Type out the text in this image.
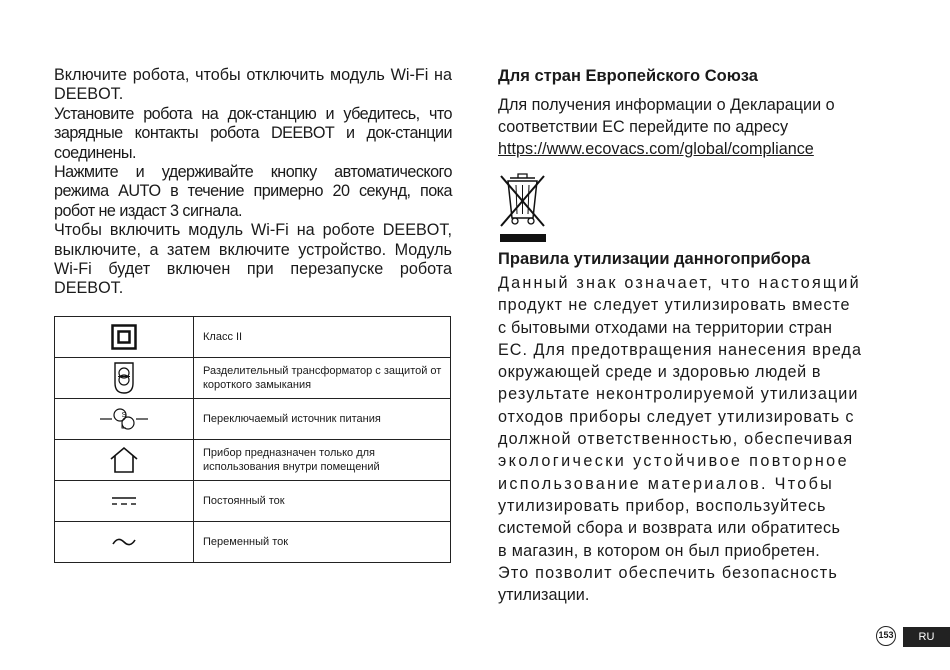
Включите робота, чтобы отключить модуль Wi-Fi на DEEBOT.

Установите робота на док-станцию и убедитесь, что зарядные контакты робота DEEBOT и док-станции соединены.

Нажмите и удерживайте кнопку автоматического режима AUTO в течение примерно 20 секунд, пока робот не издаст 3 сигнала.

Чтобы включить модуль Wi-Fi на роботе DEEBOT, выключите, а затем включите устройство. Модуль Wi-Fi будет включен при перезапуске робота DEEBOT.

	Класс II
	Разделительный трансформатор с защитой от короткого замыкания

S	Переключаемый источник питания
	Прибор предназначен только для использования внутри помещений
	Постоянный ток
	Переменный ток

Для стран Европейского Союза

Для получения информации о Декларации о соответствии ЕС перейдите по адресу

https://www.ecovacs.com/global/compliance

Правила утилизации данногоприбора

Данный знак означает, что настоящий
продукт не следует утилизировать вместе
с бытовыми отходами на территории стран
ЕС. Для предотвращения нанесения вреда
окружающей среде и здоровью людей в
результате неконтролируемой утилизации
отходов приборы следует утилизировать с
должной ответственностью, обеспечивая
экологически устойчивое повторное
использование материалов. Чтобы
утилизировать прибор, воспользуйтесь
системой сбора и возврата или обратитесь
в магазин, в котором он был приобретен.
Это позволит обеспечить безопасность
утилизации.

153	RU
